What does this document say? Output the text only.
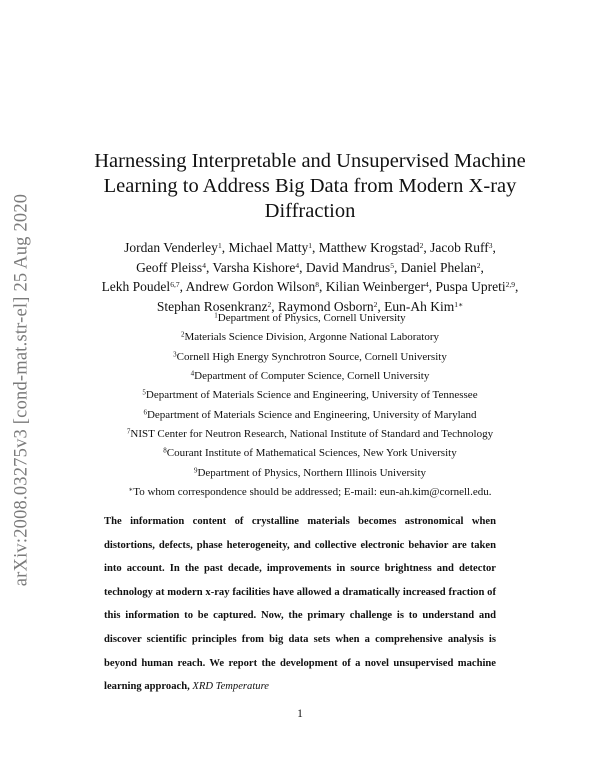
arXiv:2008.03275v3 [cond-mat.str-el] 25 Aug 2020
Harnessing Interpretable and Unsupervised Machine Learning to Address Big Data from Modern X-ray Diffraction
Jordan Venderley$^1$, Michael Matty$^1$, Matthew Krogstad$^2$, Jacob Ruff$^3$,
Geoff Pleiss$^4$, Varsha Kishore$^4$, David Mandrus$^5$, Daniel Phelan$^2$,
Lekh Poudel$^{6,7}$, Andrew Gordon Wilson$^8$, Kilian Weinberger$^4$, Puspa Upreti$^{2,9}$,
Stephan Rosenkranz$^2$, Raymond Osborn$^2$, Eun-Ah Kim$^{1∗}$
$^1$Department of Physics, Cornell University
$^2$Materials Science Division, Argonne National Laboratory
$^3$Cornell High Energy Synchrotron Source, Cornell University
$^4$Department of Computer Science, Cornell University
$^5$Department of Materials Science and Engineering, University of Tennessee
$^6$Department of Materials Science and Engineering, University of Maryland
$^7$NIST Center for Neutron Research, National Institute of Standard and Technology
$^8$Courant Institute of Mathematical Sciences, New York University
$^9$Department of Physics, Northern Illinois University
∗To whom correspondence should be addressed; E-mail: eun-ah.kim@cornell.edu.

The information content of crystalline materials becomes astronomical when distortions, defects, phase heterogeneity, and collective electronic behavior are taken into account. In the past decade, improvements in source brightness and detector technology at modern x-ray facilities have allowed a dramatically increased fraction of this information to be captured. Now, the primary challenge is to understand and discover scientific principles from big data sets when a comprehensive analysis is beyond human reach. We report the development of a novel unsupervised machine learning approach, XRD Temperature

1
